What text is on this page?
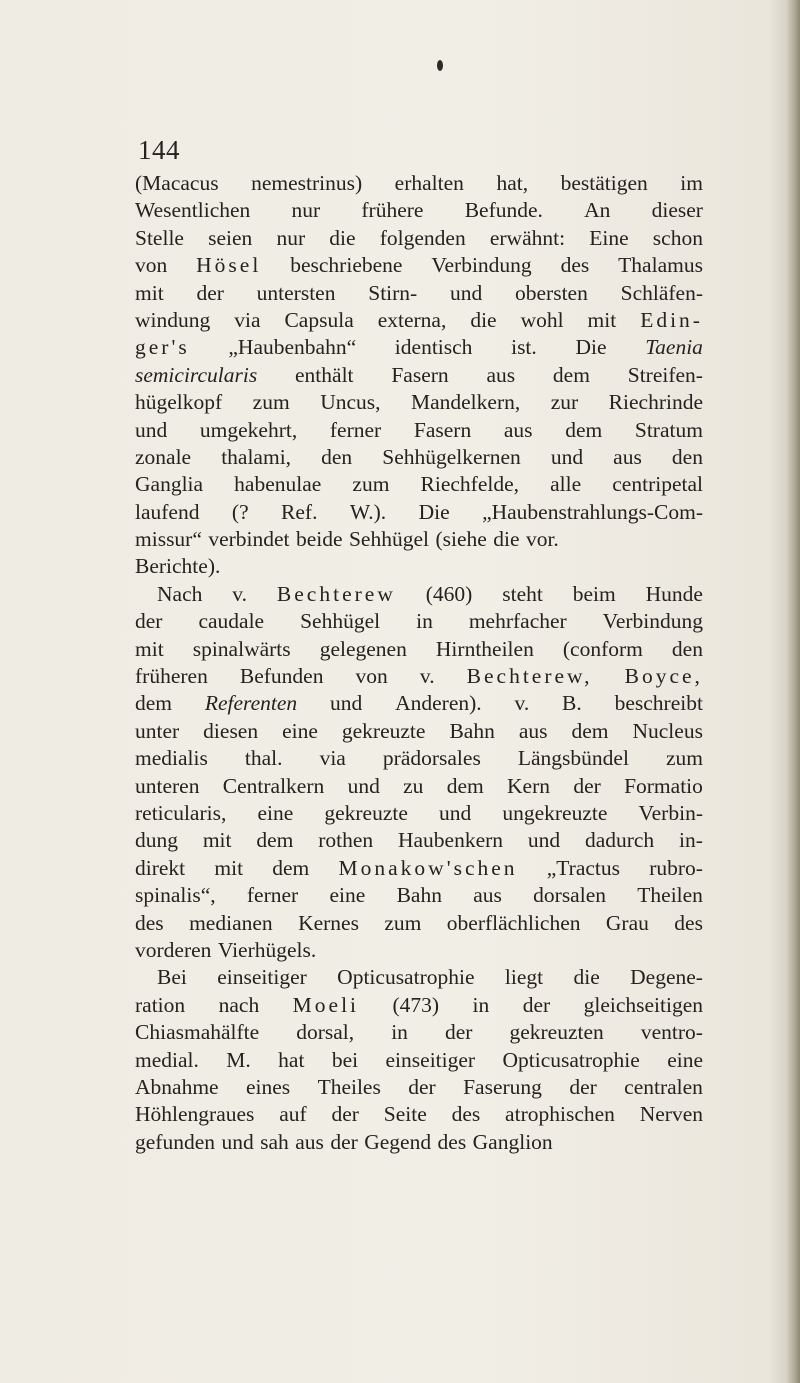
144
(Macacus nemestrinus) erhalten hat, bestätigen im
Wesentlichen nur frühere Befunde. An dieser
Stelle seien nur die folgenden erwähnt: Eine schon
von Hösel beschriebene Verbindung des Thalamus
mit der untersten Stirn- und obersten Schläfen-
windung via Capsula externa, die wohl mit Edin-
ger's „Haubenbahn“ identisch ist. Die Taenia
semicircularis enthält Fasern aus dem Streifen-
hügelkopf zum Uncus, Mandelkern, zur Riechrinde
und umgekehrt, ferner Fasern aus dem Stratum
zonale thalami, den Sehhügelkernen und aus den
Ganglia habenulae zum Riechfelde, alle centripetal
laufend (? Ref. W.). Die „Haubenstrahlungs-Com-
missur“ verbindet beide Sehhügel (siehe die vor.
Berichte).
Nach v. Bechterew (460) steht beim Hunde
der caudale Sehhügel in mehrfacher Verbindung
mit spinalwärts gelegenen Hirntheilen (conform den
früheren Befunden von v. Bechterew, Boyce,
dem Referenten und Anderen). v. B. beschreibt
unter diesen eine gekreuzte Bahn aus dem Nucleus
medialis thal. via prädorsales Längsbündel zum
unteren Centralkern und zu dem Kern der Formatio
reticularis, eine gekreuzte und ungekreuzte Verbin-
dung mit dem rothen Haubenkern und dadurch in-
direkt mit dem Monakow'schen „Tractus rubro-
spinalis“, ferner eine Bahn aus dorsalen Theilen
des medianen Kernes zum oberflächlichen Grau des
vorderen Vierhügels.
Bei einseitiger Opticusatrophie liegt die Degene-
ration nach Moeli (473) in der gleichseitigen
Chiasmahälfte dorsal, in der gekreuzten ventro-
medial. M. hat bei einseitiger Opticusatrophie eine
Abnahme eines Theiles der Faserung der centralen
Höhlengraues auf der Seite des atrophischen Nerven
gefunden und sah aus der Gegend des Ganglion
